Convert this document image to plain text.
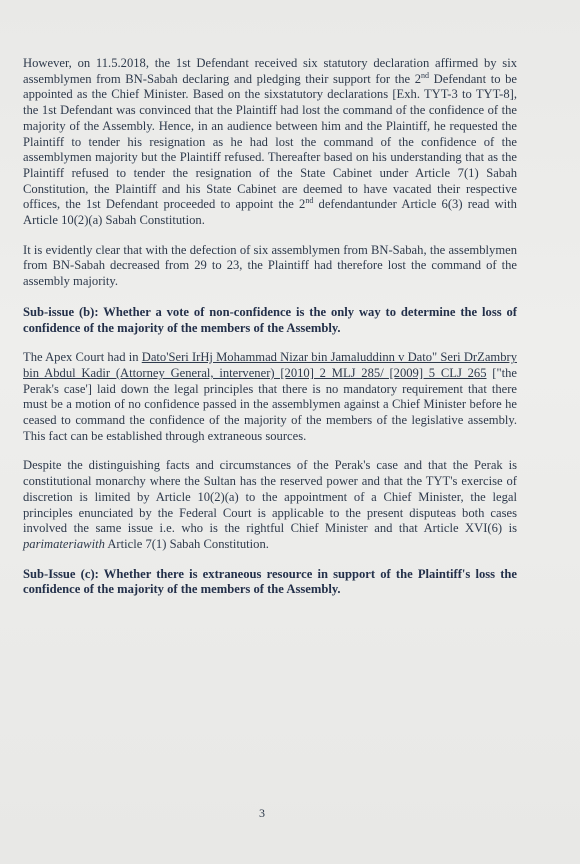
However, on 11.5.2018, the 1st Defendant received six statutory declaration affirmed by six assemblymen from BN-Sabah declaring and pledging their support for the 2nd Defendant to be appointed as the Chief Minister. Based on the sixstatutory declarations [Exh. TYT-3 to TYT-8], the 1st Defendant was convinced that the Plaintiff had lost the command of the confidence of the majority of the Assembly. Hence, in an audience between him and the Plaintiff, he requested the Plaintiff to tender his resignation as he had lost the command of the confidence of the assemblymen majority but the Plaintiff refused. Thereafter based on his understanding that as the Plaintiff refused to tender the resignation of the State Cabinet under Article 7(1) Sabah Constitution, the Plaintiff and his State Cabinet are deemed to have vacated their respective offices, the 1st Defendant proceeded to appoint the 2nd defendantunder Article 6(3) read with Article 10(2)(a) Sabah Constitution.

It is evidently clear that with the defection of six assemblymen from BN-Sabah, the assemblymen from BN-Sabah decreased from 29 to 23, the Plaintiff had therefore lost the command of the assembly majority.

Sub-issue (b): Whether a vote of non-confidence is the only way to determine the loss of confidence of the majority of the members of the Assembly.

The Apex Court had in Dato'Seri IrHj Mohammad Nizar bin Jamaluddinn v Dato" Seri DrZambry bin Abdul Kadir (Attorney General, intervener) [2010] 2 MLJ 285/ [2009] 5 CLJ 265 ["the Perak's case'] laid down the legal principles that there is no mandatory requirement that there must be a motion of no confidence passed in the assemblymen against a Chief Minister before he ceased to command the confidence of the majority of the members of the legislative assembly. This fact can be established through extraneous sources.

Despite the distinguishing facts and circumstances of the Perak's case and that the Perak is constitutional monarchy where the Sultan has the reserved power and that the TYT's exercise of discretion is limited by Article 10(2)(a) to the appointment of a Chief Minister, the legal principles enunciated by the Federal Court is applicable to the present disputeas both cases involved the same issue i.e. who is the rightful Chief Minister and that Article XVI(6) is parimateriawith Article 7(1) Sabah Constitution.

Sub-Issue (c): Whether there is extraneous resource in support of the Plaintiff's loss the confidence of the majority of the members of the Assembly.

3
